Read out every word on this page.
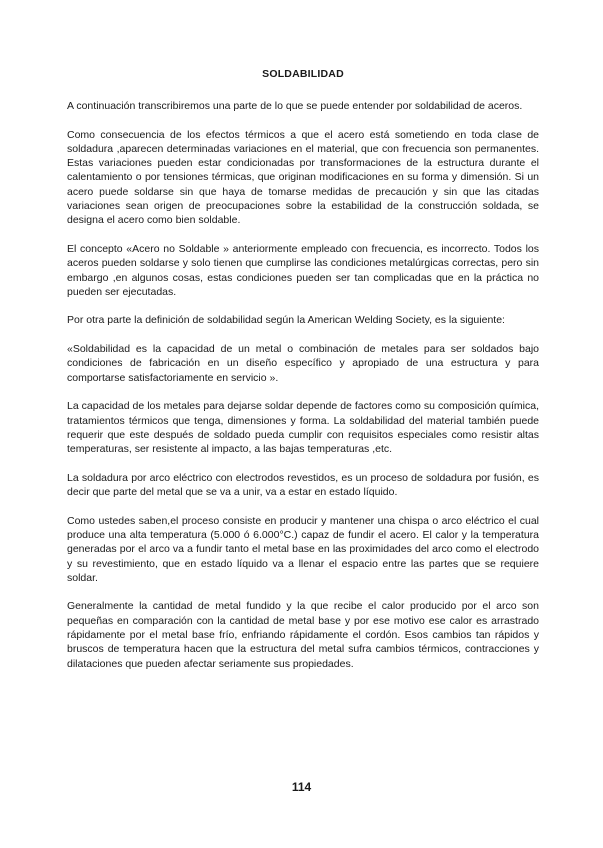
SOLDABILIDAD

A continuación transcribiremos una parte de lo que se puede entender por soldabilidad de aceros.

Como consecuencia de los efectos térmicos a que el acero está sometiendo en toda clase de soldadura ,aparecen determinadas variaciones en el material, que con frecuencia son permanentes. Estas variaciones pueden estar condicionadas por transformaciones de la estructura durante el calentamiento o por tensiones térmicas, que originan modificaciones en su forma y dimensión. Si un acero puede soldarse sin que haya de tomarse medidas de precaución y sin que las citadas variaciones sean origen de preocupaciones sobre la estabilidad de la construcción soldada, se designa el acero como bien soldable.

El concepto «Acero no Soldable » anteriormente empleado con frecuencia, es incorrecto. Todos los aceros pueden soldarse y solo tienen que cumplirse las condiciones metalúrgicas correctas, pero sin embargo ,en algunos cosas, estas condiciones pueden ser tan complicadas que en la práctica no pueden ser ejecutadas.

Por otra parte la definición de soldabilidad según la American Welding Society, es la siguiente:

«Soldabilidad es la capacidad de un metal o combinación de metales para ser soldados bajo condiciones de fabricación en un diseño específico y apropiado de una estructura y para comportarse satisfactoriamente en servicio ».

La capacidad de los metales para dejarse soldar depende de factores como su composición química, tratamientos térmicos que tenga, dimensiones y forma. La soldabilidad del material también puede requerir que este después de soldado pueda cumplir con requisitos especiales como resistir altas temperaturas, ser resistente al impacto, a las bajas temperaturas ,etc.

La soldadura por arco eléctrico con electrodos revestidos, es un proceso de soldadura por fusión, es decir que parte del metal que se va a unir, va a estar en estado líquido.

Como ustedes saben,el proceso consiste en producir y mantener una chispa o arco eléctrico el cual produce una alta temperatura (5.000 ó 6.000°C.) capaz de fundir el acero. El calor y la temperatura generadas por el arco va a fundir tanto el metal base en las proximidades del arco como el electrodo y su revestimiento, que en estado líquido va a llenar el espacio entre las partes que se requiere soldar.

Generalmente la cantidad de metal fundido y la que recibe el calor producido por el arco son pequeñas en comparación con la cantidad de metal base y por ese motivo ese calor es arrastrado rápidamente por el metal base frío, enfriando rápidamente el cordón. Esos cambios tan rápidos y bruscos de temperatura hacen que la estructura del metal sufra cambios térmicos, contracciones y dilataciones que pueden afectar seriamente sus propiedades.

114
